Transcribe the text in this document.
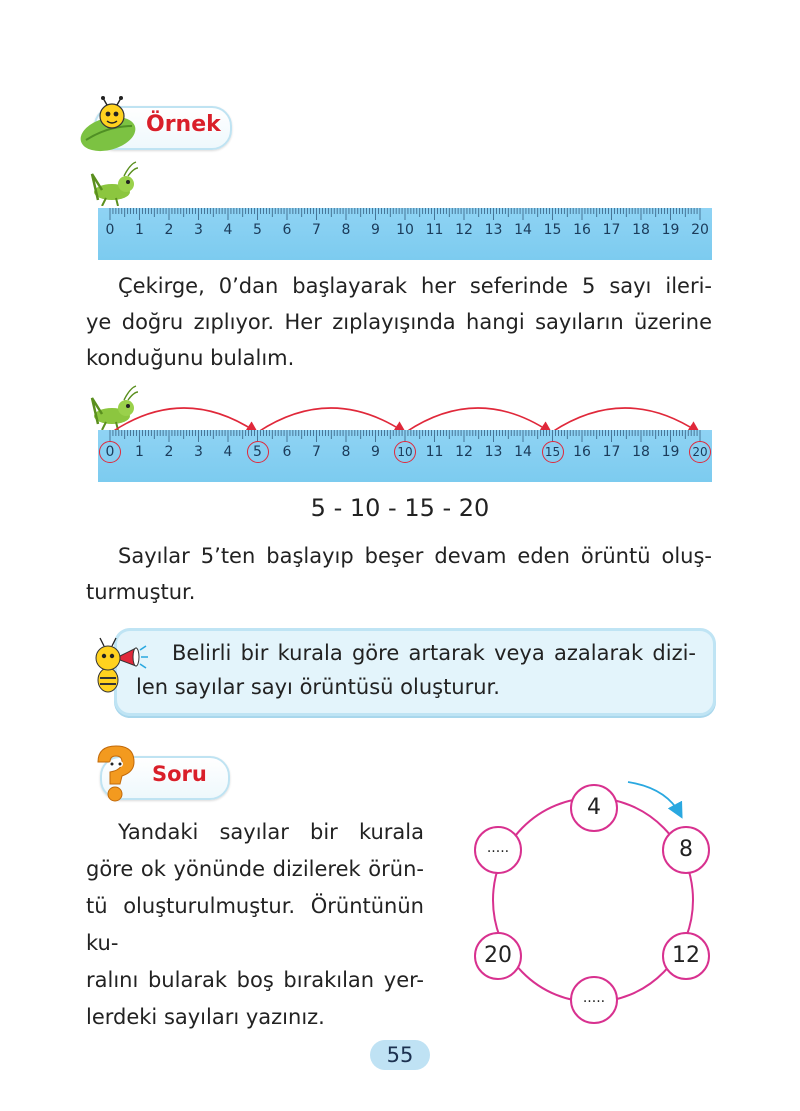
Örnek
0	1	2	3	4	5	6	7	8	9	10 11 12 13 14 15 16 17 18 19 20
Çekirge, 0’dan başlayarak her seferinde 5 sayı ileri-
ye doğru zıplıyor. Her zıplayışında hangi sayıların üzerine
konduğunu bulalım.
0	1	2	3	4	5	6	7	8	9	10 11 12 13 14	15 16 17 18 19	20
5 - 10 - 15 - 20
Sayılar 5’ten başlayıp beşer devam eden örüntü oluş-
turmuştur.
Belirli bir kurala göre artarak veya azalarak dizi-
len sayılar sayı örüntüsü oluşturur.
Soru
Yandaki sayılar bir kurala
göre ok yönünde dizilerek örün-
tü oluşturulmuştur. Örüntünün ku-
ralını bularak boş bırakılan yer-
lerdeki sayıları yazınız.
4
8
12
.....
20
.....
55
